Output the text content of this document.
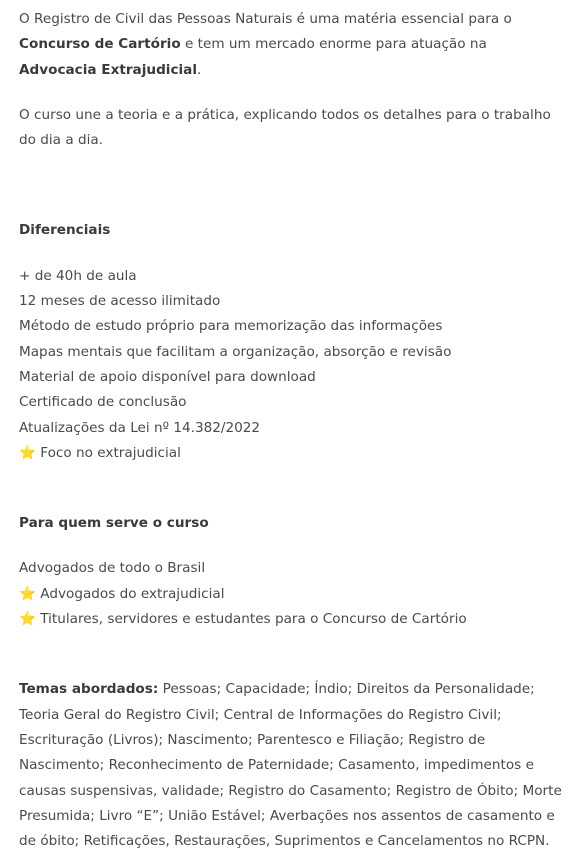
O Registro de Civil das Pessoas Naturais é uma matéria essencial para o Concurso de Cartório e tem um mercado enorme para atuação na Advocacia Extrajudicial.

O curso une a teoria e a prática, explicando todos os detalhes para o trabalho do dia a dia.

Diferenciais

+ de 40h de aula

12 meses de acesso ilimitado

Método de estudo próprio para memorização das informações

Mapas mentais que facilitam a organização, absorção e revisão

Material de apoio disponível para download

Certificado de conclusão

Atualizações da Lei nº 14.382/2022

⭐ Foco no extrajudicial

Para quem serve o curso

Advogados de todo o Brasil

⭐ Advogados do extrajudicial

⭐ Titulares, servidores e estudantes para o Concurso de Cartório

Temas abordados: Pessoas; Capacidade; Índio; Direitos da Personalidade; Teoria Geral do Registro Civil; Central de Informações do Registro Civil; Escrituração (Livros); Nascimento; Parentesco e Filiação; Registro de Nascimento; Reconhecimento de Paternidade; Casamento, impedimentos e causas suspensivas, validade; Registro do Casamento; Registro de Óbito; Morte Presumida; Livro “E”; União Estável; Averbações nos assentos de casamento e de óbito; Retificações, Restaurações, Suprimentos e Cancelamentos no RCPN.
